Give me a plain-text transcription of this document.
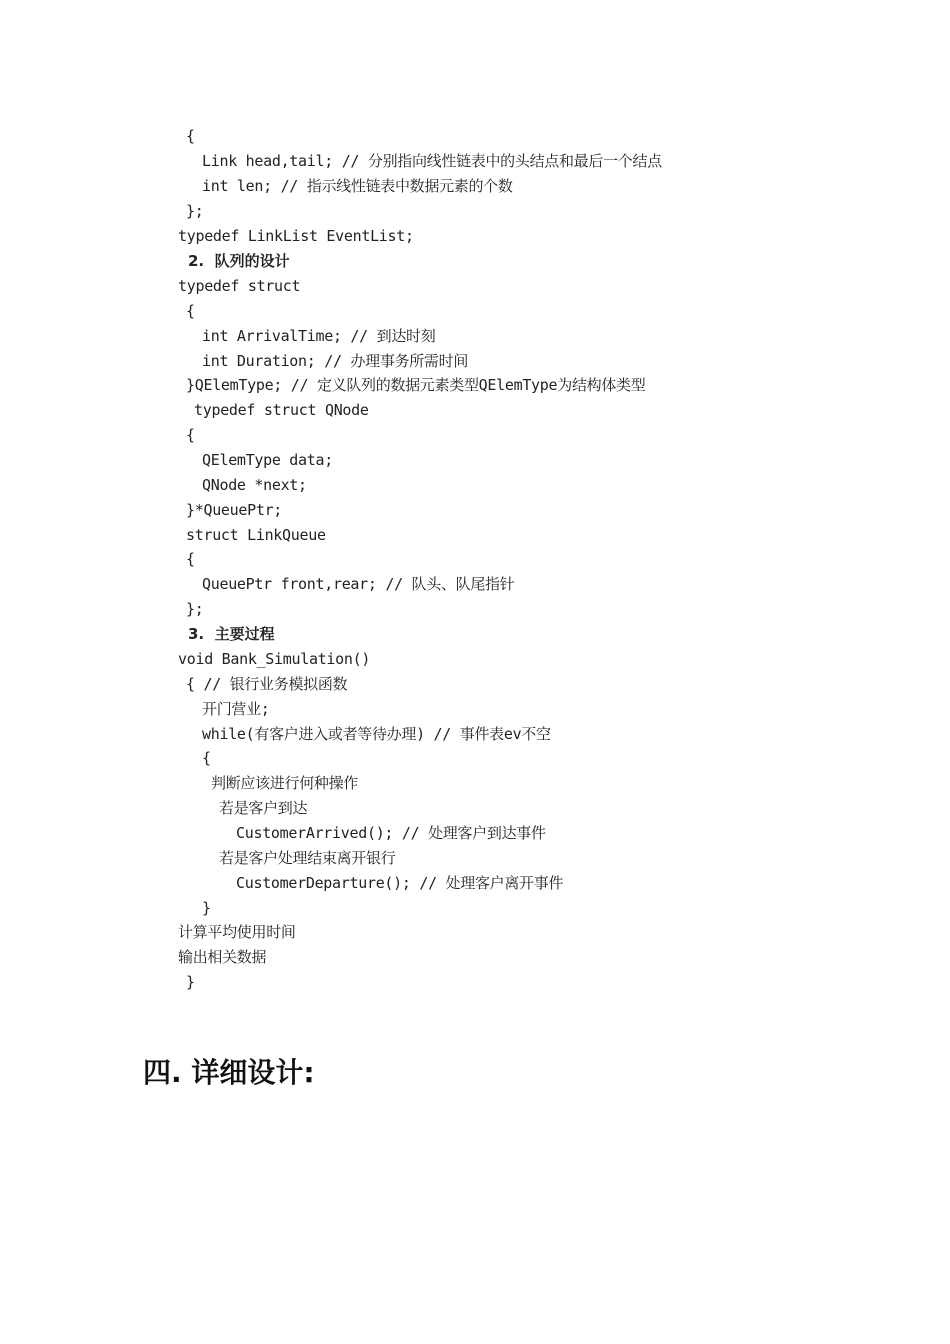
{
Link head,tail; // 分别指向线性链表中的头结点和最后一个结点
int len; // 指示线性链表中数据元素的个数
};
typedef LinkList EventList;
2.  队列的设计
typedef struct
{
int ArrivalTime; // 到达时刻
int Duration; // 办理事务所需时间
}QElemType; // 定义队列的数据元素类型QElemType为结构体类型
typedef struct QNode
{
QElemType data;
QNode *next;
}*QueuePtr;
struct LinkQueue
{
QueuePtr front,rear; // 队头、队尾指针
};
3.  主要过程
void Bank_Simulation()
{ // 银行业务模拟函数
开门营业;
while(有客户进入或者等待办理) // 事件表ev不空
{
判断应该进行何种操作
若是客户到达
CustomerArrived(); // 处理客户到达事件
若是客户处理结束离开银行
CustomerDeparture(); // 处理客户离开事件
}
计算平均使用时间
输出相关数据
}
四. 详细设计:
